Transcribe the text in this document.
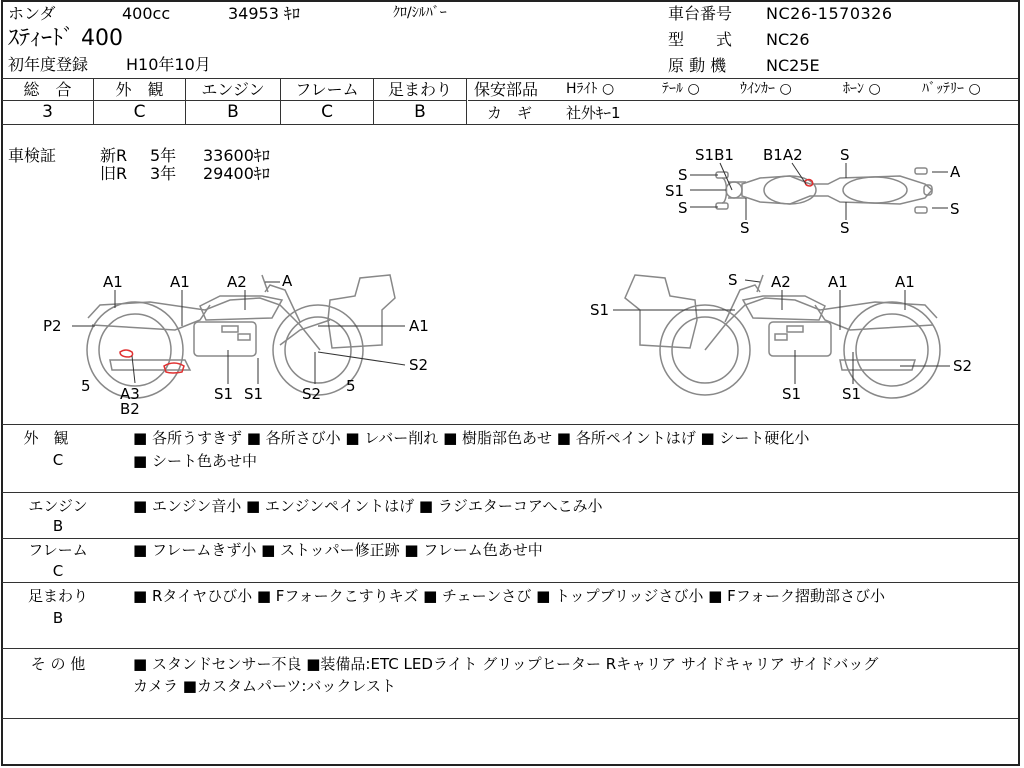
ホンダ	400cc	34953 ｷﾛ	ｸﾛ/ｼﾙﾊﾞｰ
ｽﾃｨｰﾄﾞ 400
初年度登録 H10年10月
車台番号 NC26-1570326
型　　式 NC26
原 動 機 NC25E
総　合	外　観	エンジン	フレーム	足まわり
3	C	B	C	B
保安部品 Hﾗｲﾄ ○	ﾃｰﾙ ○	ｳｲﾝｶｰ ○	ﾎｰﾝ ○	ﾊﾞｯﾃﾘｰ ○
カ　ギ 社外ｷｰ1
車検証	新R 5年 33600ｷﾛ
旧R 3年 29400ｷﾛ
S1B1 B1A2 S
S
S1
S
S	S
A
S
A1	A1 A2 A
P2	A1
S2
5	5
A3
B2
S1 S1	S2
S A2 A1	A1
S1
S2
S1	S1
外　観
C
■ 各所うすきず ■ 各所さび小 ■ レバー削れ ■ 樹脂部色あせ ■ 各所ペイントはげ ■ シート硬化小
■ シート色あせ中
エンジン
B
■ エンジン音小 ■ エンジンペイントはげ ■ ラジエターコアへこみ小
フレーム
C
■ フレームきず小 ■ ストッパー修正跡 ■ フレーム色あせ中
足まわり
B
■ Rタイヤひび小 ■ Fフォークこすりキズ ■ チェーンさび ■ トップブリッジさび小 ■ Fフォーク摺動部さび小
そ の 他	■ スタンドセンサー不良 ■装備品:ETC LEDライト グリップヒーター Rキャリア サイドキャリア サイドバッグ
カメラ ■カスタムパーツ:バックレスト
